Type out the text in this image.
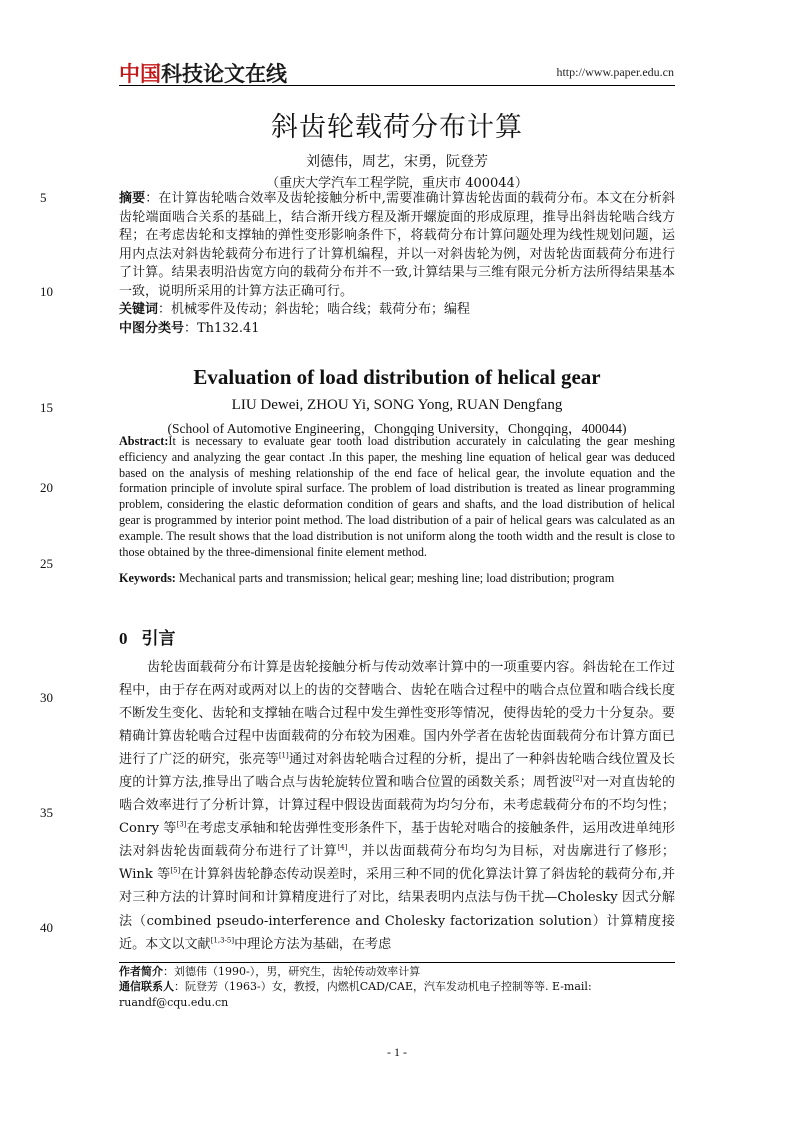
中国科技论文在线	http://www.paper.edu.cn
斜齿轮载荷分布计算
刘德伟，周艺，宋勇，阮登芳
（重庆大学汽车工程学院，重庆市 400044）
5
10
15
20
25
30
35
40
摘要：在计算齿轮啮合效率及齿轮接触分析中,需要准确计算齿轮齿面的载荷分布。本文在分析斜齿轮端面啮合关系的基础上，结合渐开线方程及渐开螺旋面的形成原理，推导出斜齿轮啮合线方程；在考虑齿轮和支撑轴的弹性变形影响条件下，将载荷分布计算问题处理为线性规划问题，运用内点法对斜齿轮载荷分布进行了计算机编程，并以一对斜齿轮为例，对齿轮齿面载荷分布进行了计算。结果表明沿齿宽方向的载荷分布并不一致,计算结果与三维有限元分析方法所得结果基本一致，说明所采用的计算方法正确可行。
关键词：机械零件及传动；斜齿轮；啮合线；载荷分布；编程
中图分类号：Th132.41
Evaluation of load distribution of helical gear
LIU Dewei, ZHOU Yi, SONG Yong, RUAN Dengfang
(School of Automotive Engineering，Chongqing University，Chongqing，400044)
Abstract:It is necessary to evaluate gear tooth load distribution accurately in calculating the gear meshing efficiency and analyzing the gear contact .In this paper, the meshing line equation of helical gear was deduced based on the analysis of meshing relationship of the end face of helical gear, the involute equation and the formation principle of involute spiral surface. The problem of load distribution is treated as linear programming problem, considering the elastic deformation condition of gears and shafts, and the load distribution of helical gear is programmed by interior point method. The load distribution of a pair of helical gears was calculated as an example. The result shows that the load distribution is not uniform along the tooth width and the result is close to those obtained by the three-dimensional finite element method.
Keywords: Mechanical parts and transmission; helical gear; meshing line; load distribution; program
0 引言
齿轮齿面载荷分布计算是齿轮接触分析与传动效率计算中的一项重要内容。斜齿轮在工作过程中，由于存在两对或两对以上的齿的交替啮合、齿轮在啮合过程中的啮合点位置和啮合线长度不断发生变化、齿轮和支撑轴在啮合过程中发生弹性变形等情况，使得齿轮的受力十分复杂。要精确计算齿轮啮合过程中齿面载荷的分布较为困难。国内外学者在齿轮齿面载荷分布计算方面已进行了广泛的研究，张亮等[1]通过对斜齿轮啮合过程的分析，提出了一种斜齿轮啮合线位置及长度的计算方法,推导出了啮合点与齿轮旋转位置和啮合位置的函数关系；周哲波[2]对一对直齿轮的啮合效率进行了分析计算，计算过程中假设齿面载荷为均匀分布，未考虑载荷分布的不均匀性；Conry 等[3]在考虑支承轴和轮齿弹性变形条件下，基于齿轮对啮合的接触条件，运用改进单纯形法对斜齿轮齿面载荷分布进行了计算[4]，并以齿面载荷分布均匀为目标，对齿廓进行了修形；Wink 等[5]在计算斜齿轮静态传动误差时，采用三种不同的优化算法计算了斜齿轮的载荷分布,并对三种方法的计算时间和计算精度进行了对比，结果表明内点法与伪干扰—Cholesky 因式分解法（combined pseudo-interference and Cholesky factorization solution）计算精度接近。本文以文献[1,3-5]中理论方法为基础，在考虑
作者简介：刘德伟（1990-），男，研究生，齿轮传动效率计算
通信联系人：阮登芳（1963-）女，教授，内燃机CAD/CAE，汽车发动机电子控制等等. E-mail: ruandf@cqu.edu.cn
- 1 -
